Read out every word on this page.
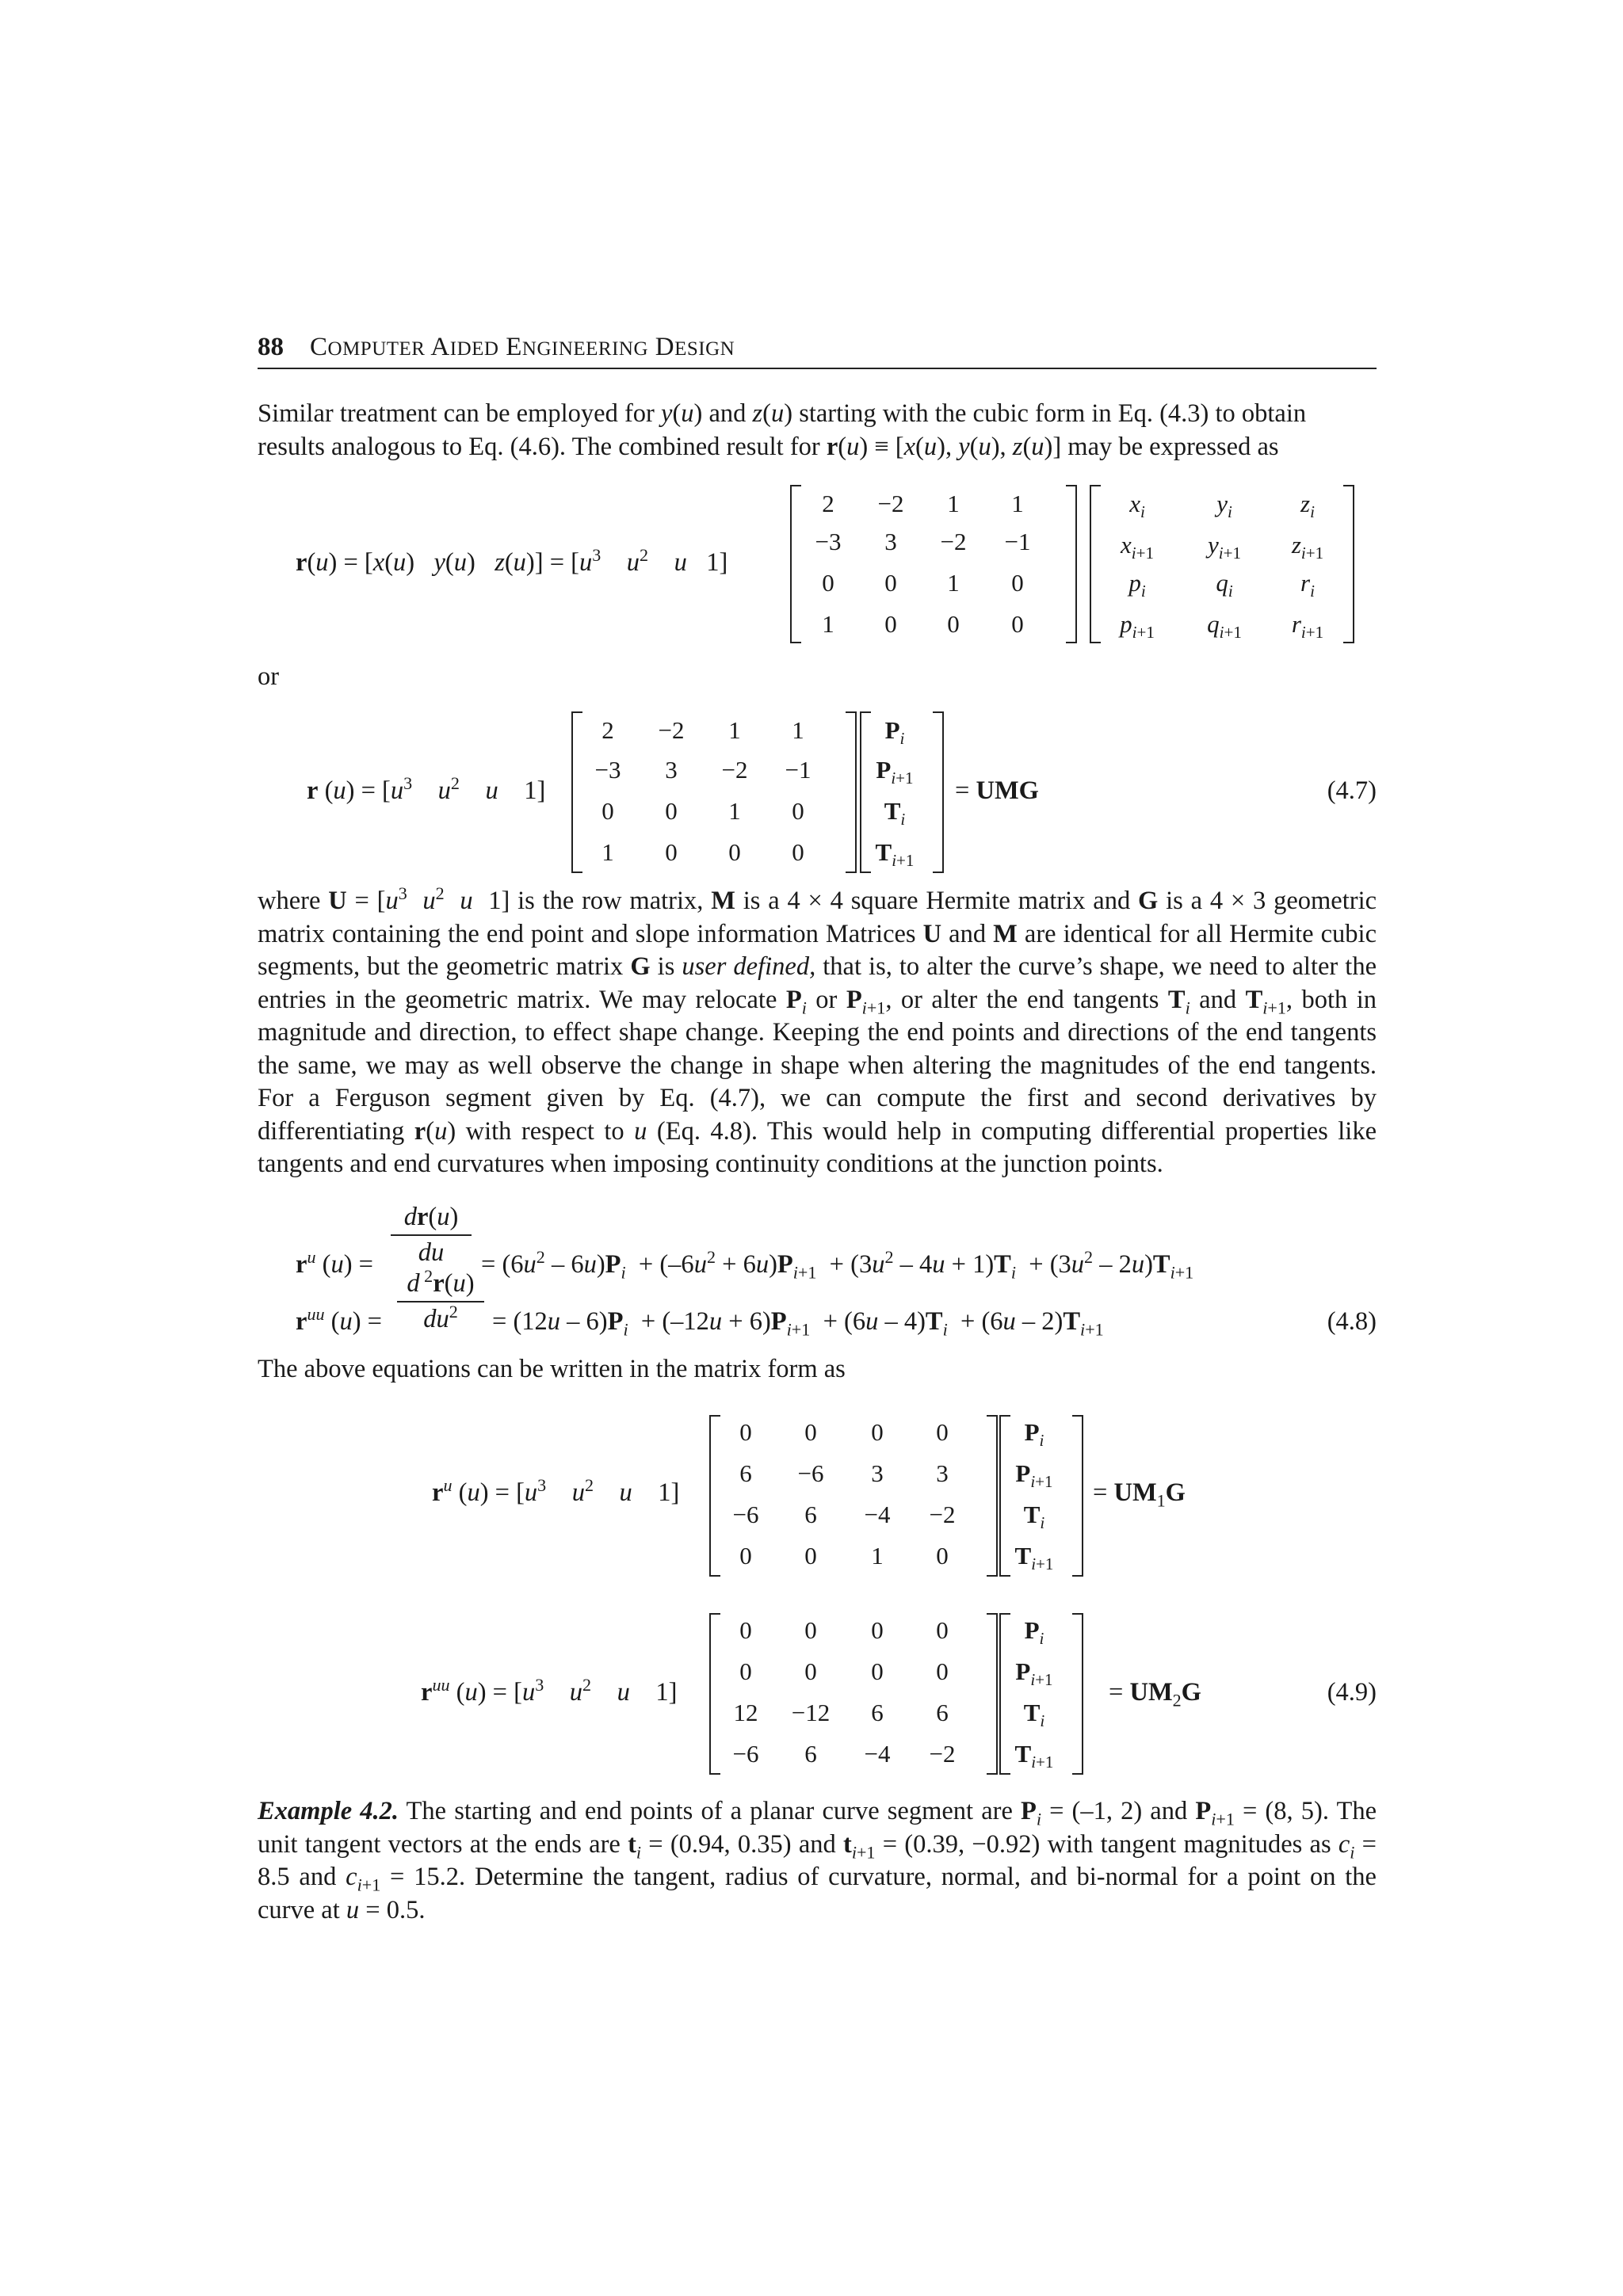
88 COMPUTER AIDED ENGINEERING DESIGN
Similar treatment can be employed for y(u) and z(u) starting with the cubic form in Eq. (4.3) to obtain
results analogous to Eq. (4.6). The combined result for r(u) ≡ [x(u), y(u), z(u)] may be expressed as
r(u) = [x(u)   y(u)   $z(u)] = [u^3$ $u^2$ u   1]
2	−2	1	1
−3	3	−2	−1
0	0	1	0
1	0	0	0
$x_i$	$y_i$	$z_i$
$x_{i+1}$	$y_{i+1}$	$z_{i+1}$
$p_i$	$q_i$	$r_i$
$p_{i+1}$	$q_{i+1}$	$r_{i+1}$
or
r $(u) = [u^3$ $u^2$ u    1]
2	−2	1	1
−3	3	−2	−1
0	0	1	0
1	0	0	0
$P_i$
$P_{i+1}$
$T_i$
$T_{i+1}$
= UMG	(4.7)
where $U = [u^3$ $u^2$ u  1] is the row matrix, M is a 4 × 4 square Hermite matrix and G is a 4 × 3 geometric matrix containing the end point and slope information Matrices U and M are identical for all Hermite cubic segments, but the geometric matrix G is user defined, that is, to alter the curve’s shape, we need to alter the entries in the geometric matrix. We may relocate $P_i$ or $P_{i+1}$, or alter the end tangents $T_i$ and $T_{i+1}$, both in magnitude and direction, to effect shape change. Keeping the end points and directions of the end tangents the same, we may as well observe the change in shape when altering the magnitudes of the end tangents. For a Ferguson segment given by Eq. (4.7), we can compute the first and second derivatives by differentiating r(u) with respect to u (Eq. 4.8). This would help in computing differential properties like tangents and end curvatures when imposing continuity conditions at the junction points.
$r^u$ (u) =
dr(u)
du	= $(6u^2 - 6u)P_i + (-6u^2 + 6u)P_{i+1} + (3u^2 - 4u + 1)T_i + (3u^2 - 2u)T_{i+1}$
$r^{uu}$ (u) =
d $^2$r(u)
$du^2$	= $(12u - 6)P_i + (-12u + 6)P_{i+1} + (6u - 4)T_i + (6u - 2)T_{i+1}$	(4.8)
The above equations can be written in the matrix form as
$r^u$ $(u) = [u^3$ $u^2$ u    1]
0	0	0	0
6	−6	3	3
−6	6	−4	−2
0	0	1	0
$P_i$
$P_{i+1}$
$T_i$
$T_{i+1}$
= $UM_1G$
$r^{uu}$ $(u) = [u^3$ $u^2$ u    1]
0	0	0	0
0	0	0	0
12	−12	6	6
−6	6	−4	−2
$P_i$
$P_{i+1}$
$T_i$
$T_{i+1}$
= $UM_2G$	(4.9)
Example 4.2. The starting and end points of a planar curve segment are $P_i = (-1$, 2) and $P_{i+1} = (8$, 5). The unit tangent vectors at the ends are $t_i = (0.94$, 0.35) and $t_{i+1} = (0.39$, −0.92) with tangent magnitudes as $c_i = 8.5$ and $c_{i+1} = 15.2$. Determine the tangent, radius of curvature, normal, and bi-normal for a point on the curve at u = 0.5.
